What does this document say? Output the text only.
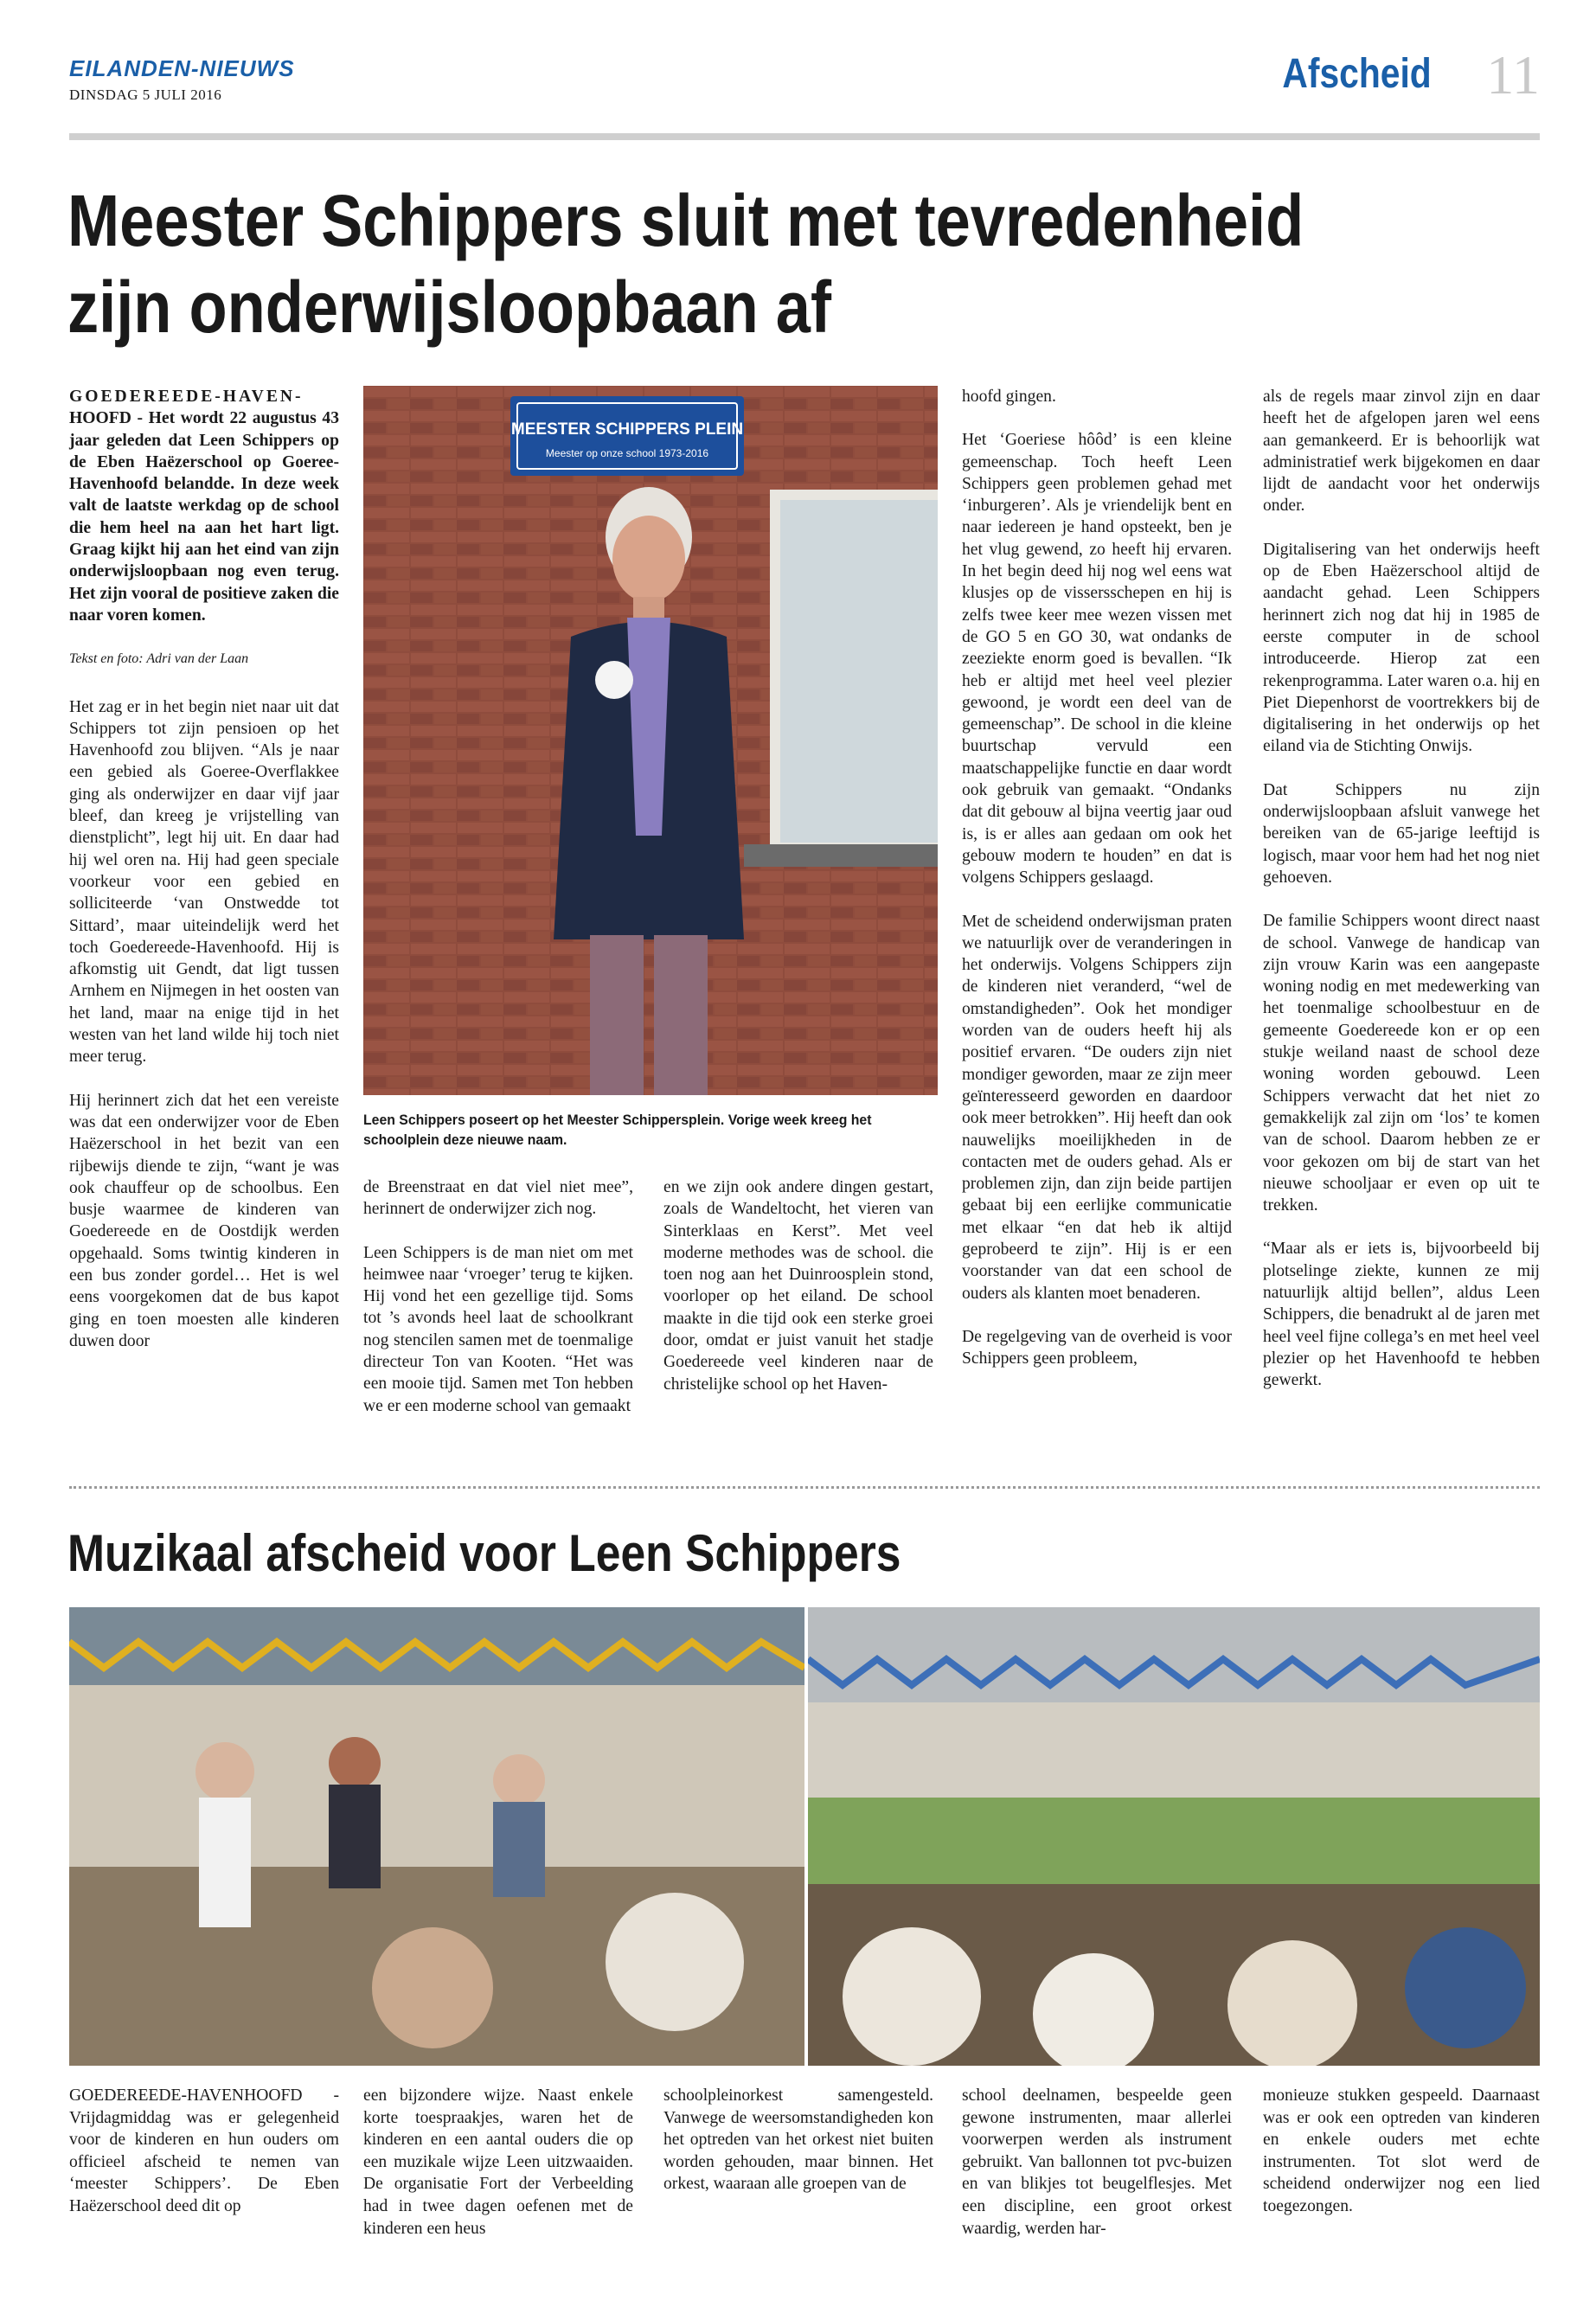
EILANDEN-NIEUWS
DINSDAG 5 JULI 2016	Afscheid 11
Meester Schippers sluit met tevredenheid
zijn onderwijsloopbaan af

GOEDEREEDE-HAVEN- HOOFD - Het wordt 22 augustus 43 jaar geleden dat Leen Schippers op de Eben Haëzerschool op Goeree-Havenhoofd belandde. In deze week valt de laatste werkdag op de school die hem heel na aan het hart ligt. Graag kijkt hij aan het eind van zijn onderwijsloopbaan nog even terug. Het zijn vooral de positieve zaken die naar voren komen.

Tekst en foto: Adri van der Laan

Het zag er in het begin niet naar uit dat Schippers tot zijn pensioen op het Havenhoofd zou blijven. “Als je naar een gebied als Goeree-Overflakkee ging als onderwijzer en daar vijf jaar bleef, dan kreeg je vrijstelling van dienstplicht”, legt hij uit. En daar had hij wel oren na. Hij had geen speciale voorkeur voor een gebied en solliciteerde ‘van Onstwedde tot Sittard’, maar uiteindelijk werd het toch Goedereede-Havenhoofd. Hij is afkomstig uit Gendt, dat ligt tussen Arnhem en Nijmegen in het oosten van het land, maar na enige tijd in het westen van het land wilde hij toch niet meer terug.

Hij herinnert zich dat het een vereiste was dat een onderwijzer voor de Eben Haëzerschool in het bezit van een rijbewijs diende te zijn, “want je was ook chauffeur op de schoolbus. Een busje waarmee de kinderen van Goedereede en de Oostdijk werden opgehaald. Soms twintig kinderen in een bus zonder gordel… Het is wel eens voorgekomen dat de bus kapot ging en toen moesten alle kinderen duwen door

MEESTER SCHIPPERS PLEIN
Meester op onze school 1973-2016
Leen Schippers poseert op het Meester Schippersplein. Vorige week kreeg het schoolplein deze nieuwe naam.

de Breenstraat en dat viel niet mee”, herinnert de onderwijzer zich nog.

Leen Schippers is de man niet om met heimwee naar ‘vroeger’ terug te kijken. Hij vond het een gezellige tijd. Soms tot ’s avonds heel laat de schoolkrant nog stencilen samen met de toenmalige directeur Ton van Kooten. “Het was een mooie tijd. Samen met Ton hebben we er een moderne school van gemaakt

en we zijn ook andere dingen gestart, zoals de Wandeltocht, het vieren van Sinterklaas en Kerst”. Met veel moderne methodes was de school. die toen nog aan het Duinroosplein stond, voorloper op het eiland. De school maakte in die tijd ook een sterke groei door, omdat er juist vanuit het stadje Goedereede veel kinderen naar de christelijke school op het Haven-

hoofd gingen.

Het ‘Goeriese hôôd’ is een kleine gemeenschap. Toch heeft Leen Schippers geen problemen gehad met ‘inburgeren’. Als je vriendelijk bent en naar iedereen je hand opsteekt, ben je het vlug gewend, zo heeft hij ervaren. In het begin deed hij nog wel eens wat klusjes op de vissersschepen en hij is zelfs twee keer mee wezen vissen met de GO 5 en GO 30, wat ondanks de zeeziekte enorm goed is bevallen. “Ik heb er altijd met heel veel plezier gewoond, je wordt een deel van de gemeenschap”. De school in die kleine buurtschap vervuld een maatschappelijke functie en daar wordt ook gebruik van gemaakt. “Ondanks dat dit gebouw al bijna veertig jaar oud is, is er alles aan gedaan om ook het gebouw modern te houden” en dat is volgens Schippers geslaagd.

Met de scheidend onderwijsman praten we natuurlijk over de veranderingen in het onderwijs. Volgens Schippers zijn de kinderen niet veranderd, “wel de omstandigheden”. Ook het mondiger worden van de ouders heeft hij als positief ervaren. “De ouders zijn niet mondiger geworden, maar ze zijn meer geïnteresseerd geworden en daardoor ook meer betrokken”. Hij heeft dan ook nauwelijks moeilijkheden in de contacten met de ouders gehad. Als er problemen zijn, dan zijn beide partijen gebaat bij een eerlijke communicatie met elkaar “en dat heb ik altijd geprobeerd te zijn”. Hij is er een voorstander van dat een school de ouders als klanten moet benaderen.

De regelgeving van de overheid is voor Schippers geen probleem,

als de regels maar zinvol zijn en daar heeft het de afgelopen jaren wel eens aan gemankeerd. Er is behoorlijk wat administratief werk bijgekomen en daar lijdt de aandacht voor het onderwijs onder.

Digitalisering van het onderwijs heeft op de Eben Haëzerschool altijd de aandacht gehad. Leen Schippers herinnert zich nog dat hij in 1985 de eerste computer in de school introduceerde. Hierop zat een rekenprogramma. Later waren o.a. hij en Piet Diepenhorst de voortrekkers bij de digitalisering in het onderwijs op het eiland via de Stichting Onwijs.

Dat Schippers nu zijn onderwijsloopbaan afsluit vanwege het bereiken van de 65-jarige leeftijd is logisch, maar voor hem had het nog niet gehoeven.

De familie Schippers woont direct naast de school. Vanwege de handicap van zijn vrouw Karin was een aangepaste woning nodig en met medewerking van het toenmalige schoolbestuur en de gemeente Goedereede kon er op een stukje weiland naast de school deze woning worden gebouwd. Leen Schippers verwacht dat het niet zo gemakkelijk zal zijn om ‘los’ te komen van de school. Daarom hebben ze er voor gekozen om bij de start van het nieuwe schooljaar er even op uit te trekken.

“Maar als er iets is, bijvoorbeeld bij plotselinge ziekte, kunnen ze mij natuurlijk altijd bellen”, aldus Leen Schippers, die benadrukt al de jaren met heel veel fijne collega’s en met heel veel plezier op het Havenhoofd te hebben gewerkt.

Muzikaal afscheid voor Leen Schippers
GOEDEREEDE-HAVENHOOFD - Vrijdagmiddag was er gelegenheid voor de kinderen en hun ouders om officieel afscheid te nemen van ‘meester Schippers’. De Eben Haëzerschool deed dit op
een bijzondere wijze. Naast enkele korte toespraakjes, waren het de kinderen en een aantal ouders die op een muzikale wijze Leen uitzwaaiden. De organisatie Fort der Verbeelding had in twee dagen oefenen met de kinderen een heus
schoolpleinorkest samengesteld. Vanwege de weersomstandigheden kon het optreden van het orkest niet buiten worden gehouden, maar binnen. Het orkest, waaraan alle groepen van de
school deelnamen, bespeelde geen gewone instrumenten, maar allerlei voorwerpen werden als instrument gebruikt. Van ballonnen tot pvc-buizen en van blikjes tot beugelflesjes. Met een discipline, een groot orkest waardig, werden har-
monieuze stukken gespeeld. Daarnaast was er ook een optreden van kinderen en enkele ouders met echte instrumenten. Tot slot werd de scheidend onderwijzer nog een lied toegezongen.
